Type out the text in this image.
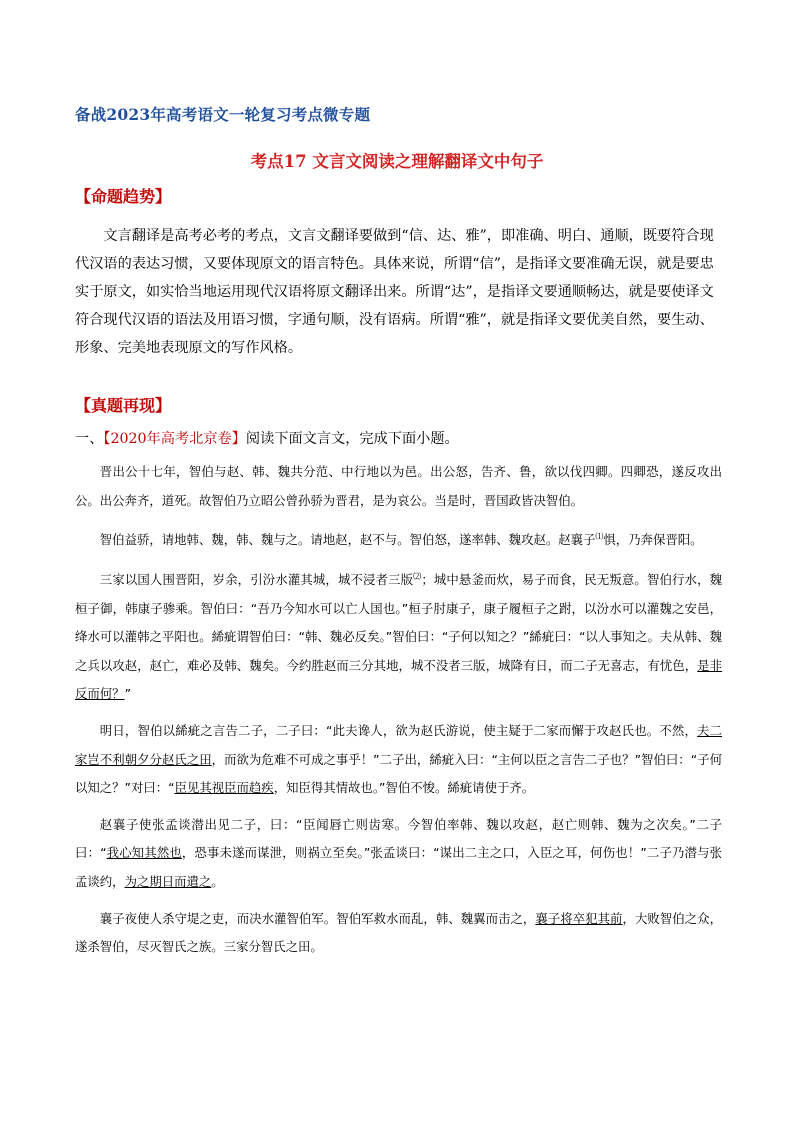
备战2023年高考语文一轮复习考点微专题
考点17 文言文阅读之理解翻译文中句子
【命题趋势】

文言翻译是高考必考的考点，文言文翻译要做到“信、达、雅”，即准确、明白、通顺，既要符合现代汉语的表达习惯，又要体现原文的语言特色。具体来说，所谓“信”，是指译文要准确无误，就是要忠实于原文，如实恰当地运用现代汉语将原文翻译出来。所谓“达”，是指译文要通顺畅达，就是要使译文符合现代汉语的语法及用语习惯，字通句顺，没有语病。所谓“雅”，就是指译文要优美自然，要生动、形象、完美地表现原文的写作风格。

【真题再现】
一、【2020年高考北京卷】阅读下面文言文，完成下面小题。

晋出公十七年，智伯与赵、韩、魏共分范、中行地以为邑。出公怒，告齐、鲁，欲以伐四卿。四卿恐，遂反攻出公。出公奔齐，道死。故智伯乃立昭公曾孙骄为晋君，是为哀公。当是时，晋国政皆决智伯。

智伯益骄，请地韩、魏，韩、魏与之。请地赵，赵不与。智伯怒，遂率韩、魏攻赵。赵襄子⑴惧，乃奔保晋阳。

三家以国人围晋阳，岁余，引汾水灌其城，城不浸者三版⑵；城中悬釜而炊，易子而食，民无叛意。智伯行水，魏桓子御，韩康子骖乘。智伯曰：“吾乃今知水可以亡人国也。”桓子肘康子，康子履桓子之跗，以汾水可以灌魏之安邑，绛水可以灌韩之平阳也。絺疵谓智伯曰：“韩、魏必反矣。”智伯曰：“子何以知之？”絺疵曰：“以人事知之。夫从韩、魏之兵以攻赵，赵亡，难必及韩、魏矣。今约胜赵而三分其地，城不没者三版，城降有日，而二子无喜志，有忧色，是非反而何？”

明日，智伯以絺疵之言告二子，二子曰：“此夫谗人，欲为赵氏游说，使主疑于二家而懈于攻赵氏也。不然，夫二家岂不利朝夕分赵氏之田，而欲为危难不可成之事乎！”二子出，絺疵入曰：“主何以臣之言告二子也？”智伯曰：“子何以知之？”对曰：“臣见其视臣而趋疾，知臣得其情故也。”智伯不悛。絺疵请使于齐。

赵襄子使张孟谈潜出见二子，曰：“臣闻唇亡则齿寒。今智伯率韩、魏以攻赵，赵亡则韩、魏为之次矣。”二子曰：“我心知其然也，恐事未遂而谋泄，则祸立至矣。”张孟谈曰：“谋出二主之口，入臣之耳，何伤也！”二子乃潜与张孟谈约，为之期日而遣之。

襄子夜使人杀守堤之吏，而决水灌智伯军。智伯军救水而乱，韩、魏翼而击之，襄子将卒犯其前，大败智伯之众，遂杀智伯，尽灭智氏之族。三家分智氏之田。
